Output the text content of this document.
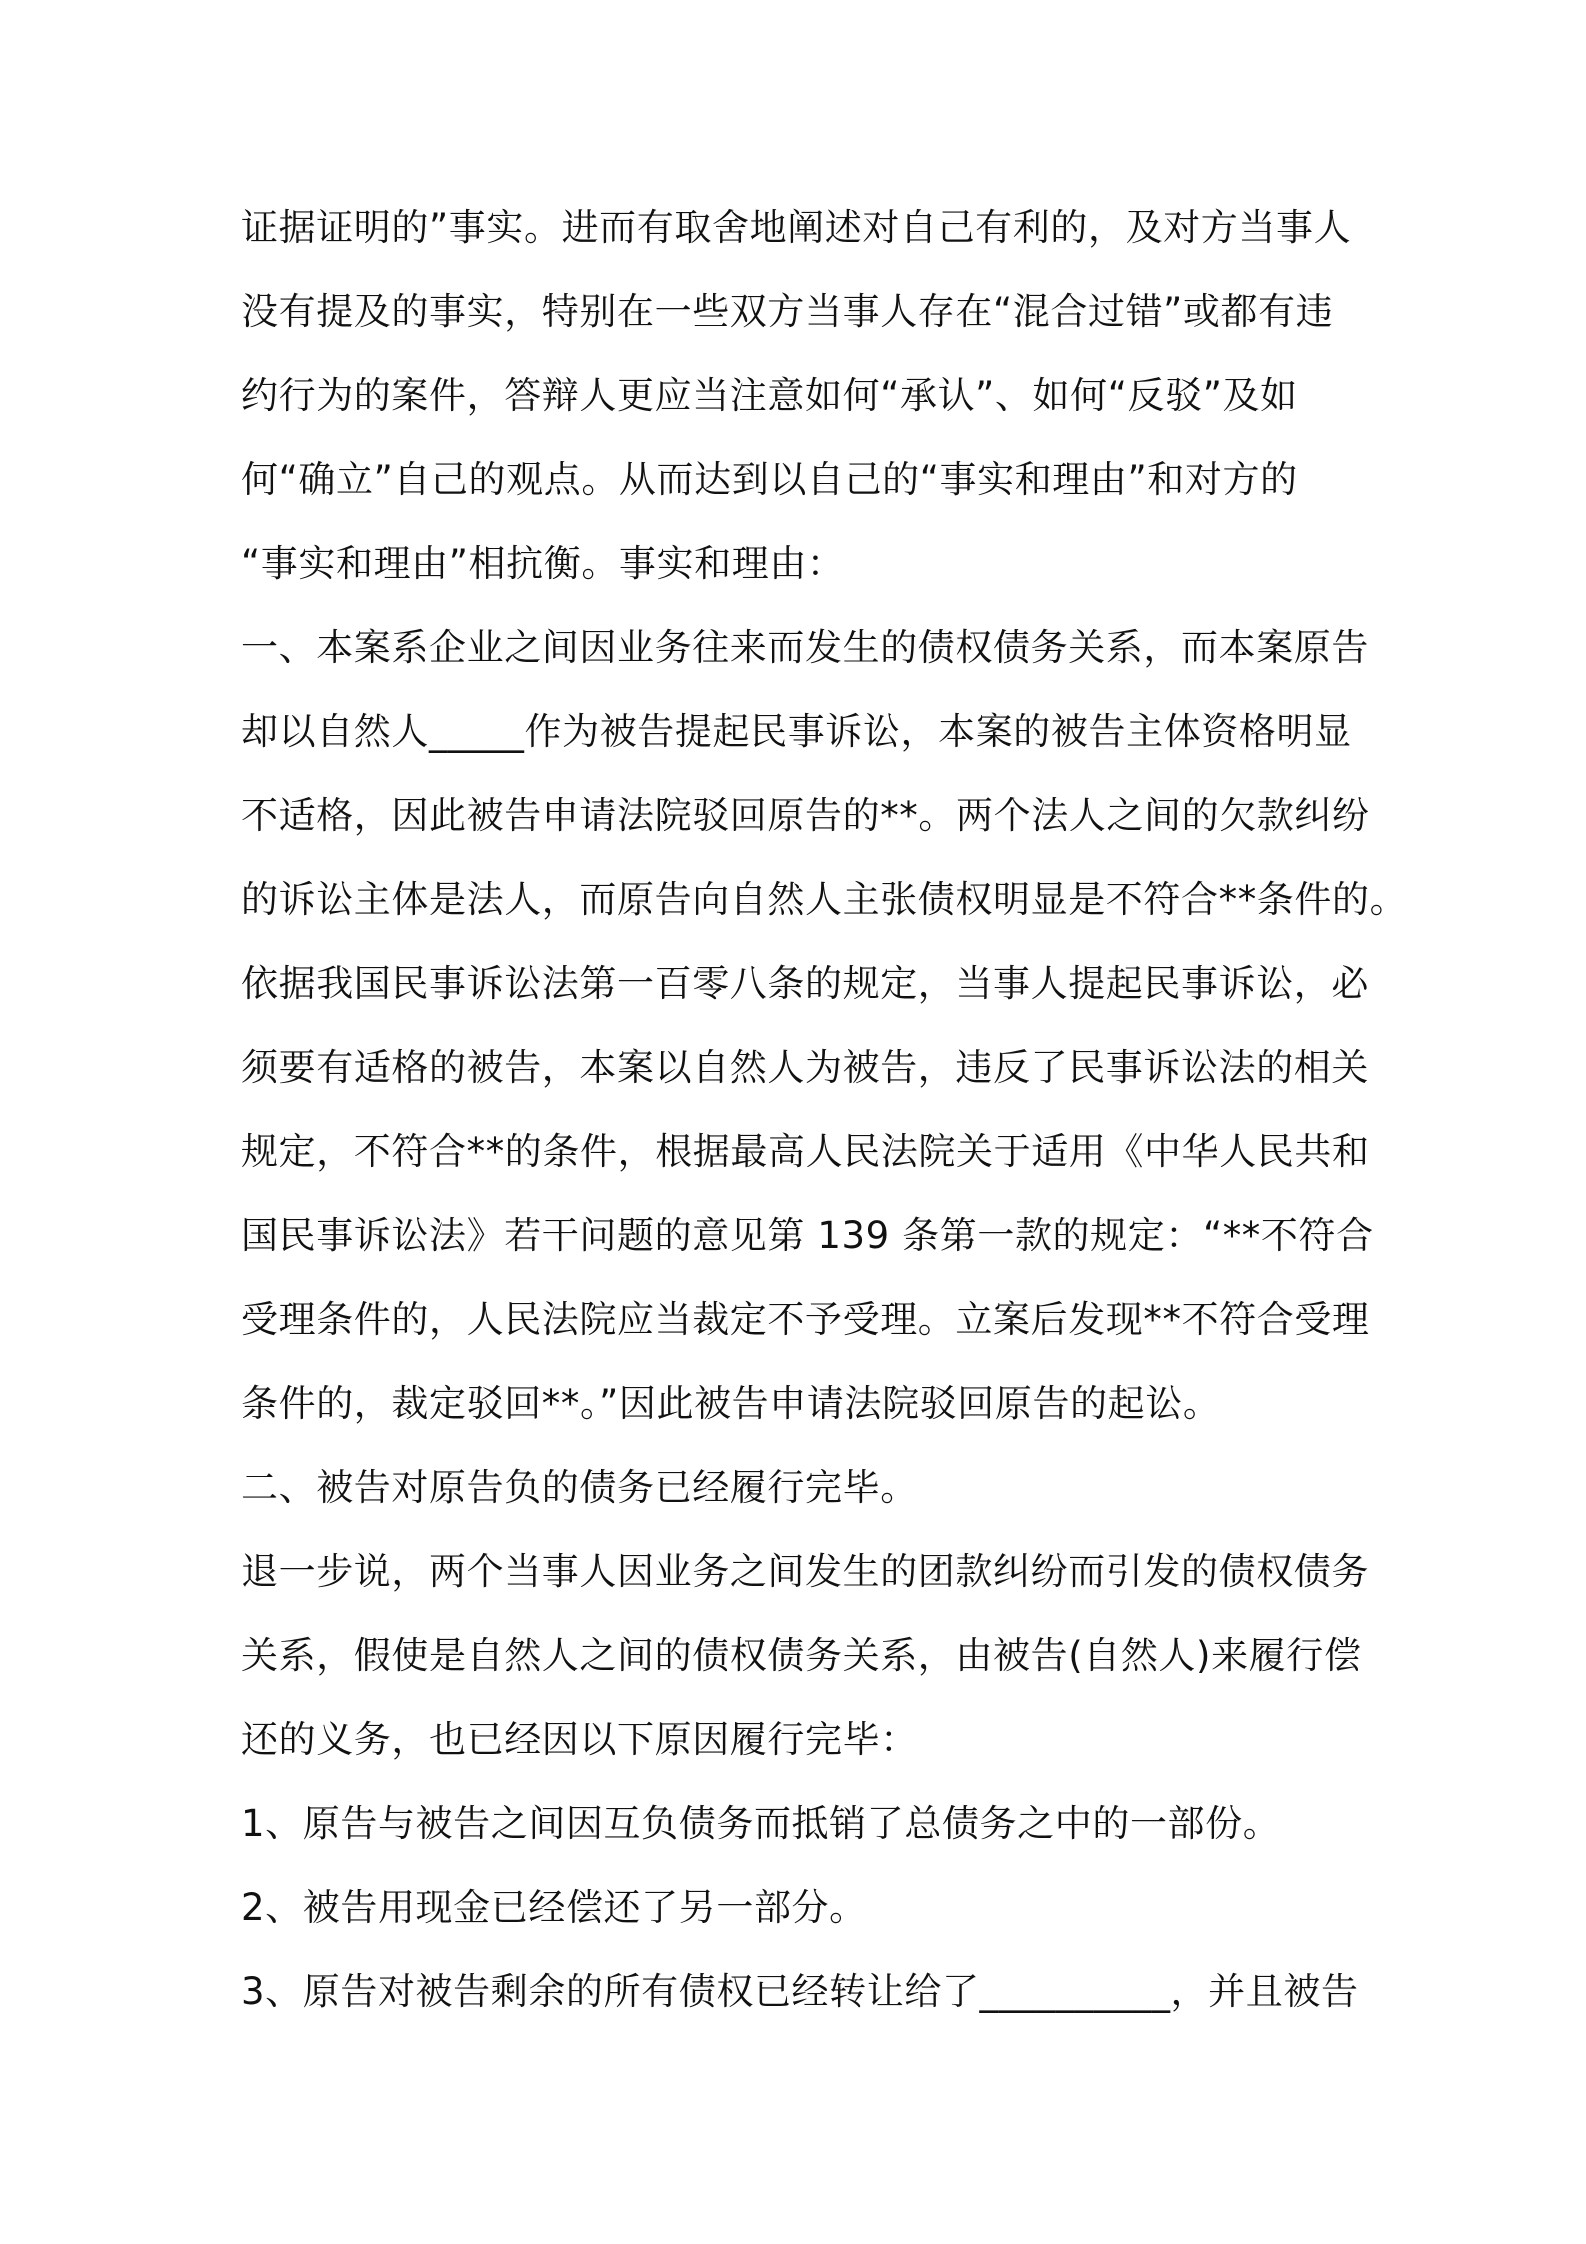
证据证明的”事实。进而有取舍地阐述对自己有利的，及对方当事人
没有提及的事实，特别在一些双方当事人存在“混合过错”或都有违
约行为的案件，答辩人更应当注意如何“承认”、如何“反驳”及如
何“确立”自己的观点。从而达到以自己的“事实和理由”和对方的
“事实和理由”相抗衡。事实和理由：
一、本案系企业之间因业务往来而发生的债权债务关系，而本案原告
却以自然人_____作为被告提起民事诉讼，本案的被告主体资格明显
不适格，因此被告申请法院驳回原告的**。两个法人之间的欠款纠纷
的诉讼主体是法人，而原告向自然人主张债权明显是不符合**条件的。
依据我国民事诉讼法第一百零八条的规定，当事人提起民事诉讼，必
须要有适格的被告，本案以自然人为被告，违反了民事诉讼法的相关
规定，不符合**的条件，根据最高人民法院关于适用《中华人民共和
国民事诉讼法》若干问题的意见第 139 条第一款的规定：“**不符合
受理条件的，人民法院应当裁定不予受理。立案后发现**不符合受理
条件的，裁定驳回**。”因此被告申请法院驳回原告的起讼。
二、被告对原告负的债务已经履行完毕。
退一步说，两个当事人因业务之间发生的团款纠纷而引发的债权债务
关系，假使是自然人之间的债权债务关系，由被告(自然人)来履行偿
还的义务，也已经因以下原因履行完毕：
1、原告与被告之间因互负债务而抵销了总债务之中的一部份。
2、被告用现金已经偿还了另一部分。
3、原告对被告剩余的所有债权已经转让给了__________，并且被告
